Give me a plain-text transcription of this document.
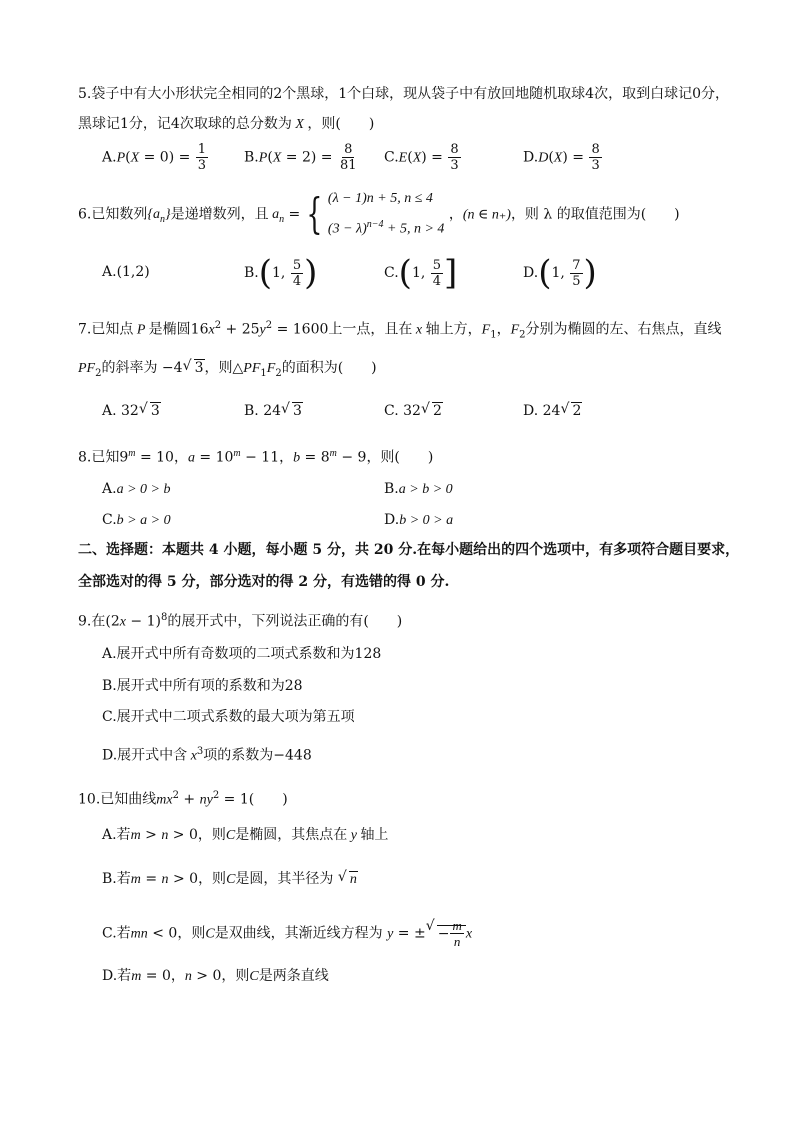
5.袋子中有大小形状完全相同的2个黑球，1个白球，现从袋子中有放回地随机取球4次，取到白球记0分，
黑球记1分，记4次取球的总分数为 X ，则(　　)
$A.P(X = 0) = \frac{1}{3}$	$B.P(X = 2) = \frac{8}{81} C.E(X) = \frac{8}{3}$	$D.D(X) = \frac{8}{3}$
6.已知数列$\{a_n\}$是递增数列，且 $a_n$ = { (λ − 1)n + 5, n ≤ 4
$(3 - \lambda)^{n-4} + 5$, n > 4
，(n ∈ n₊)，则 λ 的取值范围为(　　)
A.(1,2)	B.(1, $\frac{5}{4}$ )	C.(1, $\frac{5}{4}$ ]	D.(1, $\frac{7}{5}$ )
7.已知点 P 是椭圆$16x^2 + 25y^2 = 1600$上一点，且在 x 轴上方，$F_1$，$F_2$分别为椭圆的左、右焦点，直线
$PF_2$的斜率为 −4 √ 3，则$\triangle PF_1F_2$的面积为(　　)
A. 32 √ 3	B. 24 √ 3	C. 32 √ 2	D. 24 √ 2
8.已知$9^m = 10$，$a = 10^m - 11$，$b = 8^m - 9$，则(　　)
A.a > 0 > b	B.a > b > 0
C.b > a > 0	D.b > 0 > a
二、选择题：本题共 4 小题，每小题 5 分，共 20 分.在每小题给出的四个选项中，有多项符合题目要求，
全部选对的得 5 分，部分选对的得 2 分，有选错的得 0 分.
9.在$(2x - 1)^8$的展开式中，下列说法正确的有(　　)
A.展开式中所有奇数项的二项式系数和为128
B.展开式中所有项的系数和为28
C.展开式中二项式系数的最大项为第五项
D.展开式中含 $x^3$项的系数为−448
10.已知曲线$mx^2 + ny^2 = 1$(　　)
A.若m > n > 0，则C是椭圆，其焦点在 y 轴上
B.若m = n > 0，则C是圆，其半径为 √ n
C.若mn < 0，则C是双曲线，其渐近线方程为 y = ± √ − $\frac{m}{n}$ x
D.若m = 0，n > 0，则C是两条直线
